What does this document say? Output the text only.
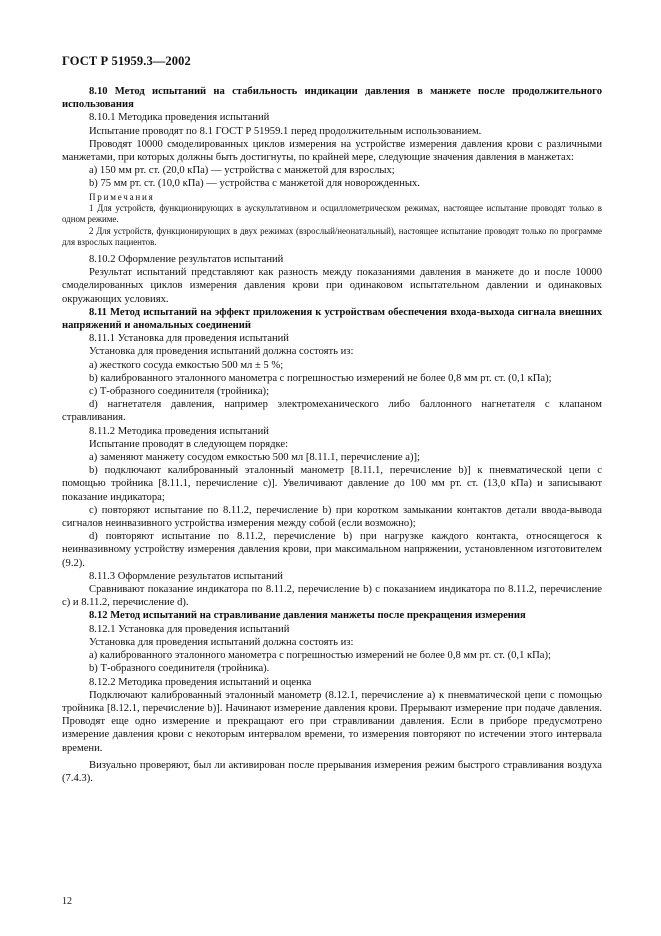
ГОСТ Р 51959.3—2002

8.10 Метод испытаний на стабильность индикации давления в манжете после продолжительного использования

8.10.1 Методика проведения испытаний

Испытание проводят по 8.1 ГОСТ Р 51959.1 перед продолжительным использованием.

Проводят 10000 смоделированных циклов измерения на устройстве измерения давления крови с различными манжетами, при которых должны быть достигнуты, по крайней мере, следующие значения давления в манжетах:

a) 150 мм рт. ст. (20,0 кПа) — устройства с манжетой для взрослых;

b) 75 мм рт. ст. (10,0 кПа) — устройства с манжетой для новорожденных.

Примечания

1 Для устройств, функционирующих в аускультативном и осциллометрическом режимах, настоящее испытание проводят только в одном режиме.

2 Для устройств, функционирующих в двух режимах (взрослый/неонатальный), настоящее испытание проводят только по программе для взрослых пациентов.

8.10.2 Оформление результатов испытаний

Результат испытаний представляют как разность между показаниями давления в манжете до и после 10000 смоделированных циклов измерения давления крови при одинаковом испытательном давлении и одинаковых окружающих условиях.

8.11 Метод испытаний на эффект приложения к устройствам обеспечения входа-выхода сигнала внешних напряжений и аномальных соединений

8.11.1 Установка для проведения испытаний

Установка для проведения испытаний должна состоять из:

a) жесткого сосуда емкостью 500 мл ± 5 %;

b) калиброванного эталонного манометра с погрешностью измерений не более 0,8 мм рт. ст. (0,1 кПа);

c) Т-образного соединителя (тройника);

d) нагнетателя давления, например электромеханического либо баллонного нагнетателя с клапаном стравливания.

8.11.2 Методика проведения испытаний

Испытание проводят в следующем порядке:

a) заменяют манжету сосудом емкостью 500 мл [8.11.1, перечисление a)];

b) подключают калиброванный эталонный манометр [8.11.1, перечисление b)] к пневматической цепи с помощью тройника [8.11.1, перечисление c)]. Увеличивают давление до 100 мм рт. ст. (13,0 кПа) и записывают показание индикатора;

c) повторяют испытание по 8.11.2, перечисление b) при коротком замыкании контактов детали ввода-вывода сигналов неинвазивного устройства измерения между собой (если возможно);

d) повторяют испытание по 8.11.2, перечисление b) при нагрузке каждого контакта, относящегося к неинвазивному устройству измерения давления крови, при максимальном напряжении, установленном изготовителем (9.2).

8.11.3 Оформление результатов испытаний

Сравнивают показание индикатора по 8.11.2, перечисление b) с показанием индикатора по 8.11.2, перечисление c) и 8.11.2, перечисление d).

8.12 Метод испытаний на стравливание давления манжеты после прекращения измерения

8.12.1 Установка для проведения испытаний

Установка для проведения испытаний должна состоять из:

a) калиброванного эталонного манометра с погрешностью измерений не более 0,8 мм рт. ст. (0,1 кПа);

b) Т-образного соединителя (тройника).

8.12.2 Методика проведения испытаний и оценка

Подключают калиброванный эталонный манометр (8.12.1, перечисление a) к пневматической цепи с помощью тройника [8.12.1, перечисление b)]. Начинают измерение давления крови. Прерывают измерение при подаче давления. Проводят еще одно измерение и прекращают его при стравливании давления. Если в приборе предусмотрено измерение давления крови с некоторым интервалом времени, то измерения повторяют по истечении этого интервала времени.

Визуально проверяют, был ли активирован после прерывания измерения режим быстрого стравливания воздуха (7.4.3).

12
